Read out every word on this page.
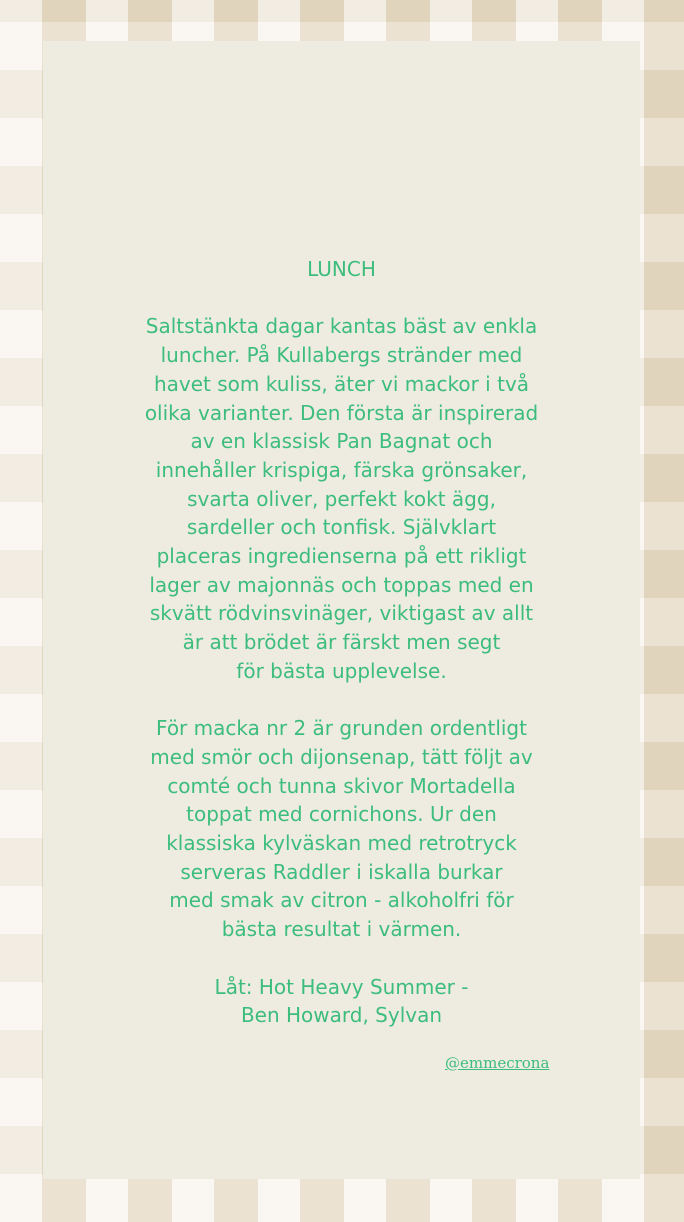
LUNCH

Saltstänkta dagar kantas bäst av enkla
luncher. På Kullabergs stränder med
havet som kuliss, äter vi mackor i två
olika varianter. Den första är inspirerad
av en klassisk Pan Bagnat och
innehåller krispiga, färska grönsaker,
svarta oliver, perfekt kokt ägg,
sardeller och tonfisk. Självklart
placeras ingredienserna på ett rikligt
lager av majonnäs och toppas med en
skvätt rödvinsvinäger, viktigast av allt
är att brödet är färskt men segt
för bästa upplevelse.

För macka nr 2 är grunden ordentligt
med smör och dijonsenap, tätt följt av
comté och tunna skivor Mortadella
toppat med cornichons. Ur den
klassiska kylväskan med retrotryck
serveras Raddler i iskalla burkar
med smak av citron - alkoholfri för
bästa resultat i värmen.

Låt: Hot Heavy Summer -
Ben Howard, Sylvan

@emmecrona
